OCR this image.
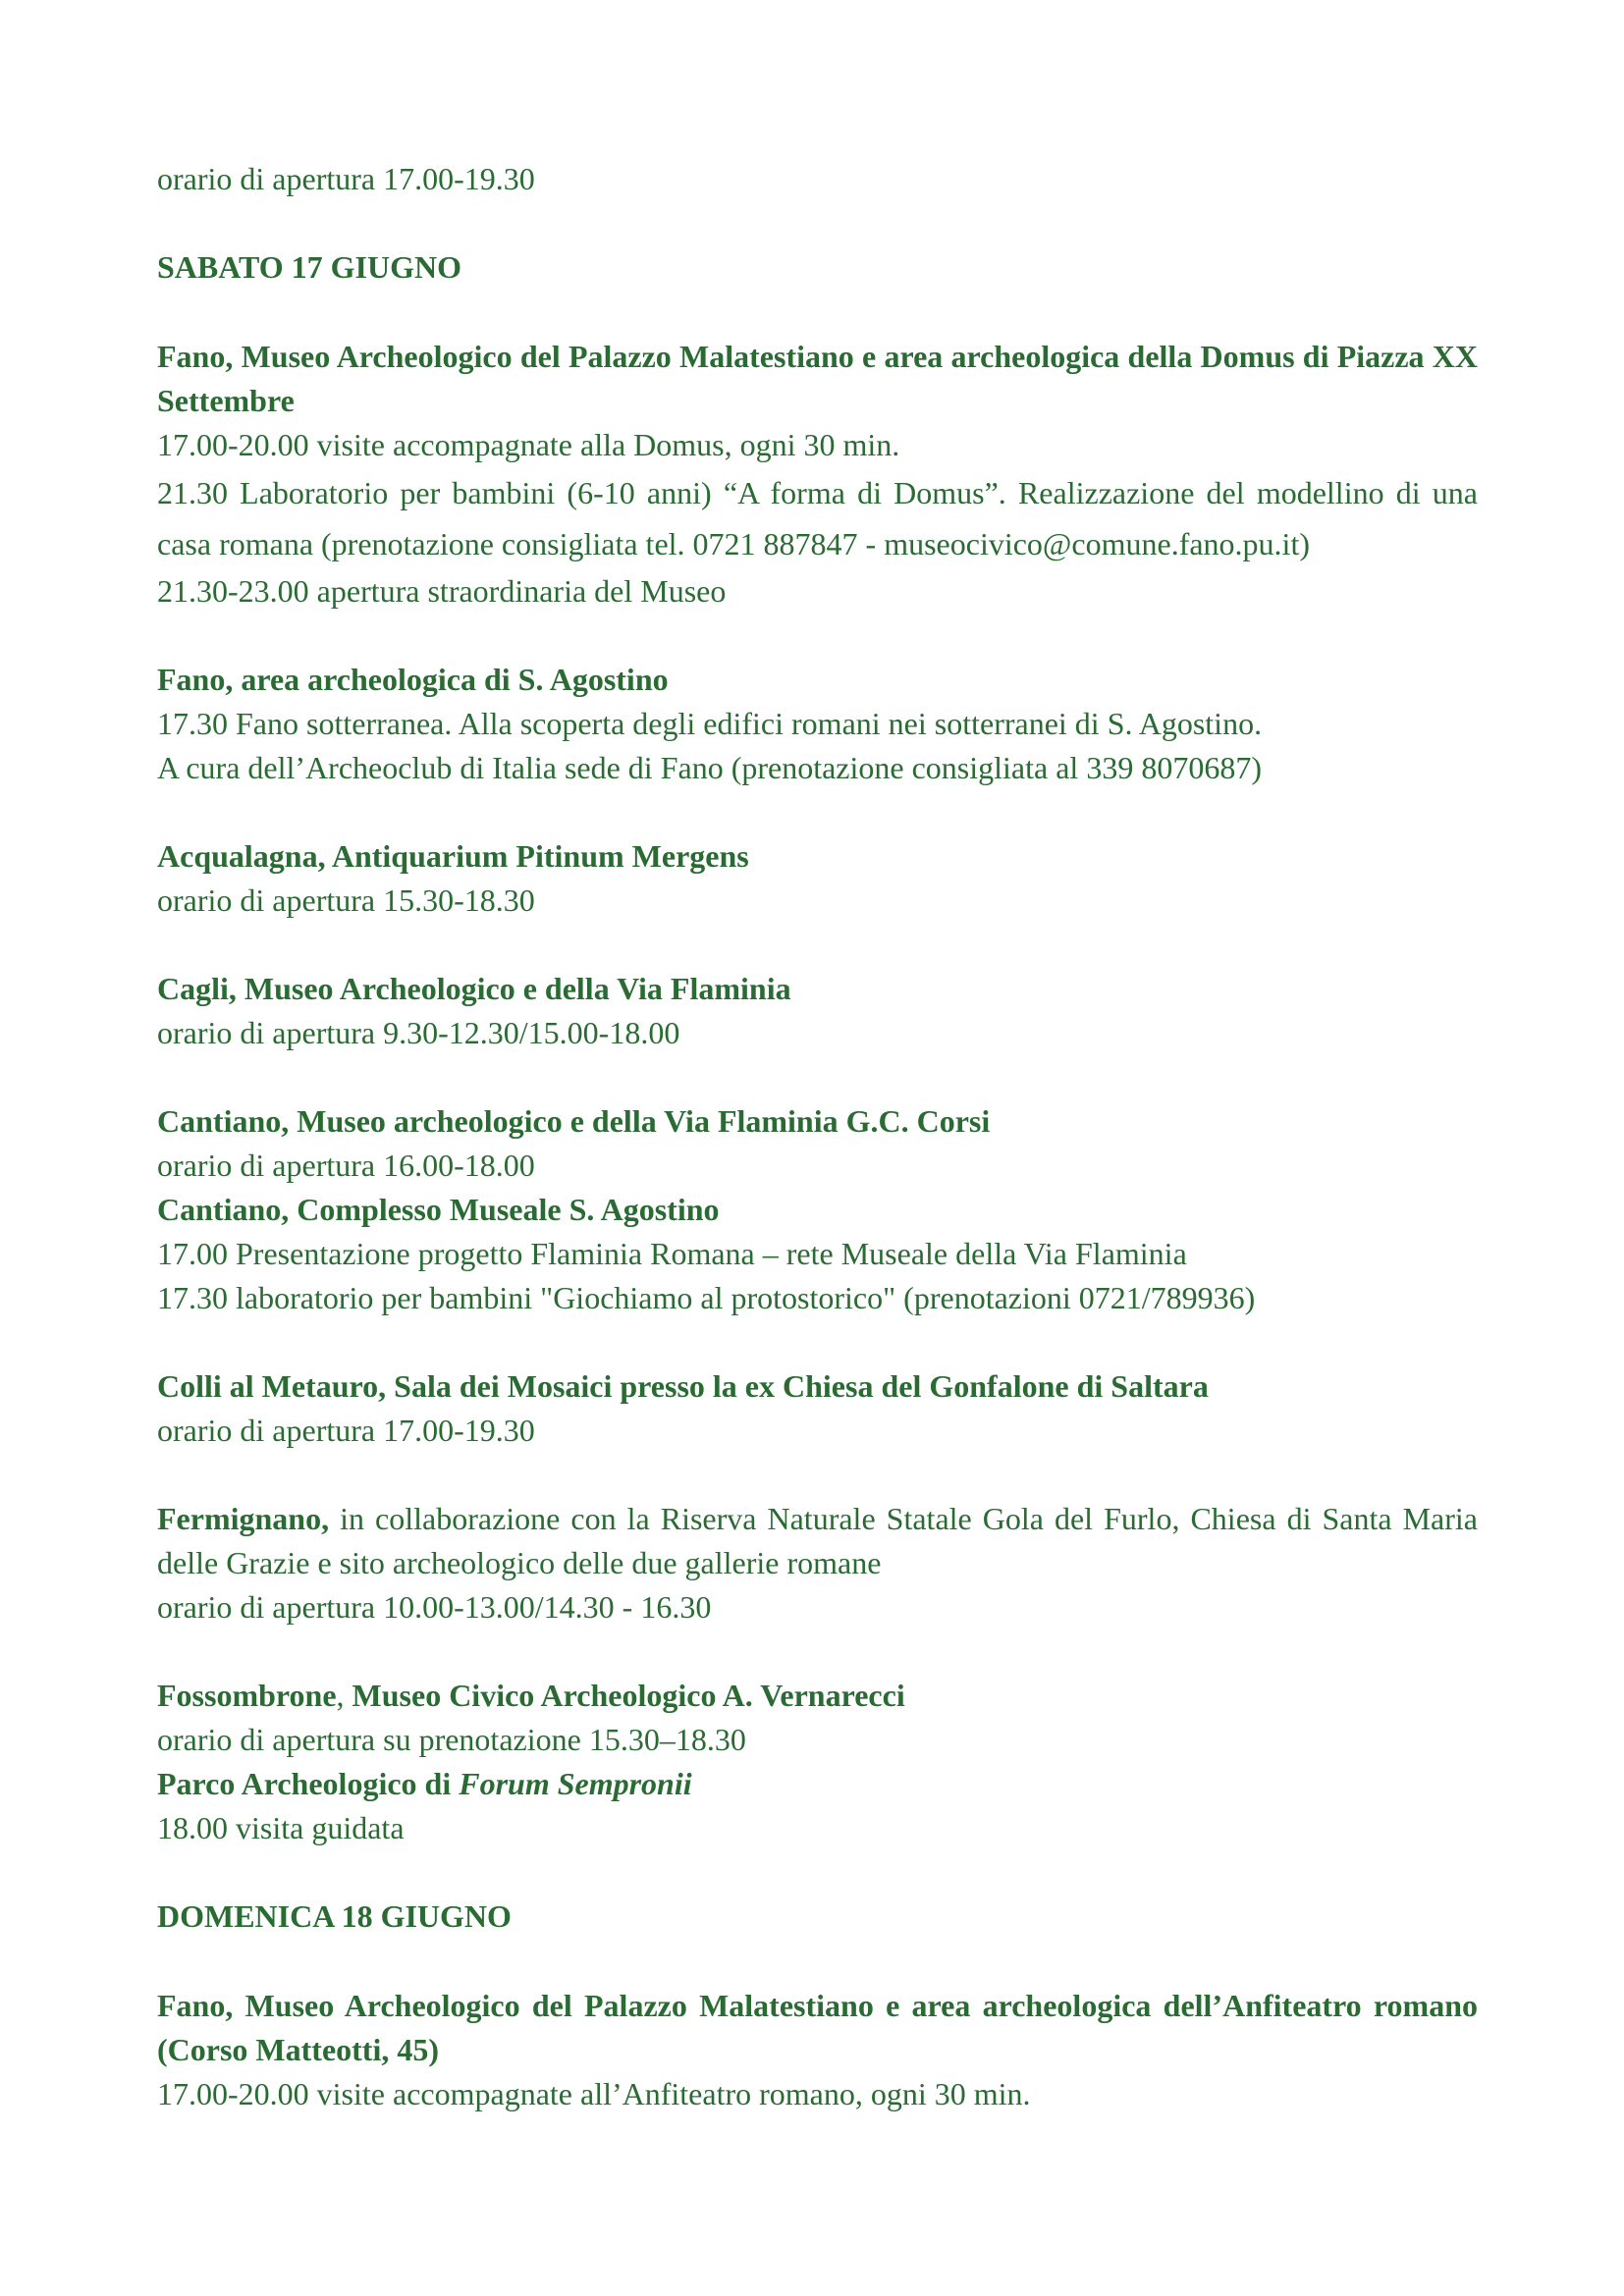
orario di apertura 17.00-19.30

SABATO 17 GIUGNO

Fano, Museo Archeologico del Palazzo Malatestiano e area archeologica della Domus di Piazza XX Settembre

17.00-20.00 visite accompagnate alla Domus, ogni 30 min.

21.30 Laboratorio per bambini (6-10 anni) “A forma di Domus”. Realizzazione del modellino di una casa romana (prenotazione consigliata tel. 0721 887847 - museocivico@comune.fano.pu.it)

21.30-23.00 apertura straordinaria del Museo

Fano, area archeologica di S. Agostino

17.30 Fano sotterranea. Alla scoperta degli edifici romani nei sotterranei di S. Agostino.

A cura dell’Archeoclub di Italia sede di Fano (prenotazione consigliata al 339 8070687)

Acqualagna, Antiquarium Pitinum Mergens

orario di apertura 15.30-18.30

Cagli, Museo Archeologico e della Via Flaminia

orario di apertura 9.30-12.30/15.00-18.00

Cantiano, Museo archeologico e della Via Flaminia G.C. Corsi

orario di apertura 16.00-18.00

Cantiano, Complesso Museale S. Agostino

17.00 Presentazione progetto Flaminia Romana – rete Museale della Via Flaminia

17.30 laboratorio per bambini "Giochiamo al protostorico" (prenotazioni 0721/789936)

Colli al Metauro, Sala dei Mosaici presso la ex Chiesa del Gonfalone di Saltara

orario di apertura 17.00-19.30

Fermignano, in collaborazione con la Riserva Naturale Statale Gola del Furlo, Chiesa di Santa Maria delle Grazie e sito archeologico delle due gallerie romane

orario di apertura 10.00-13.00/14.30 - 16.30

Fossombrone, Museo Civico Archeologico A. Vernarecci

orario di apertura su prenotazione 15.30–18.30

Parco Archeologico di Forum Sempronii

18.00 visita guidata

DOMENICA 18 GIUGNO

Fano, Museo Archeologico del Palazzo Malatestiano e area archeologica dell’Anfiteatro romano (Corso Matteotti, 45)

17.00-20.00 visite accompagnate all’Anfiteatro romano, ogni 30 min.
